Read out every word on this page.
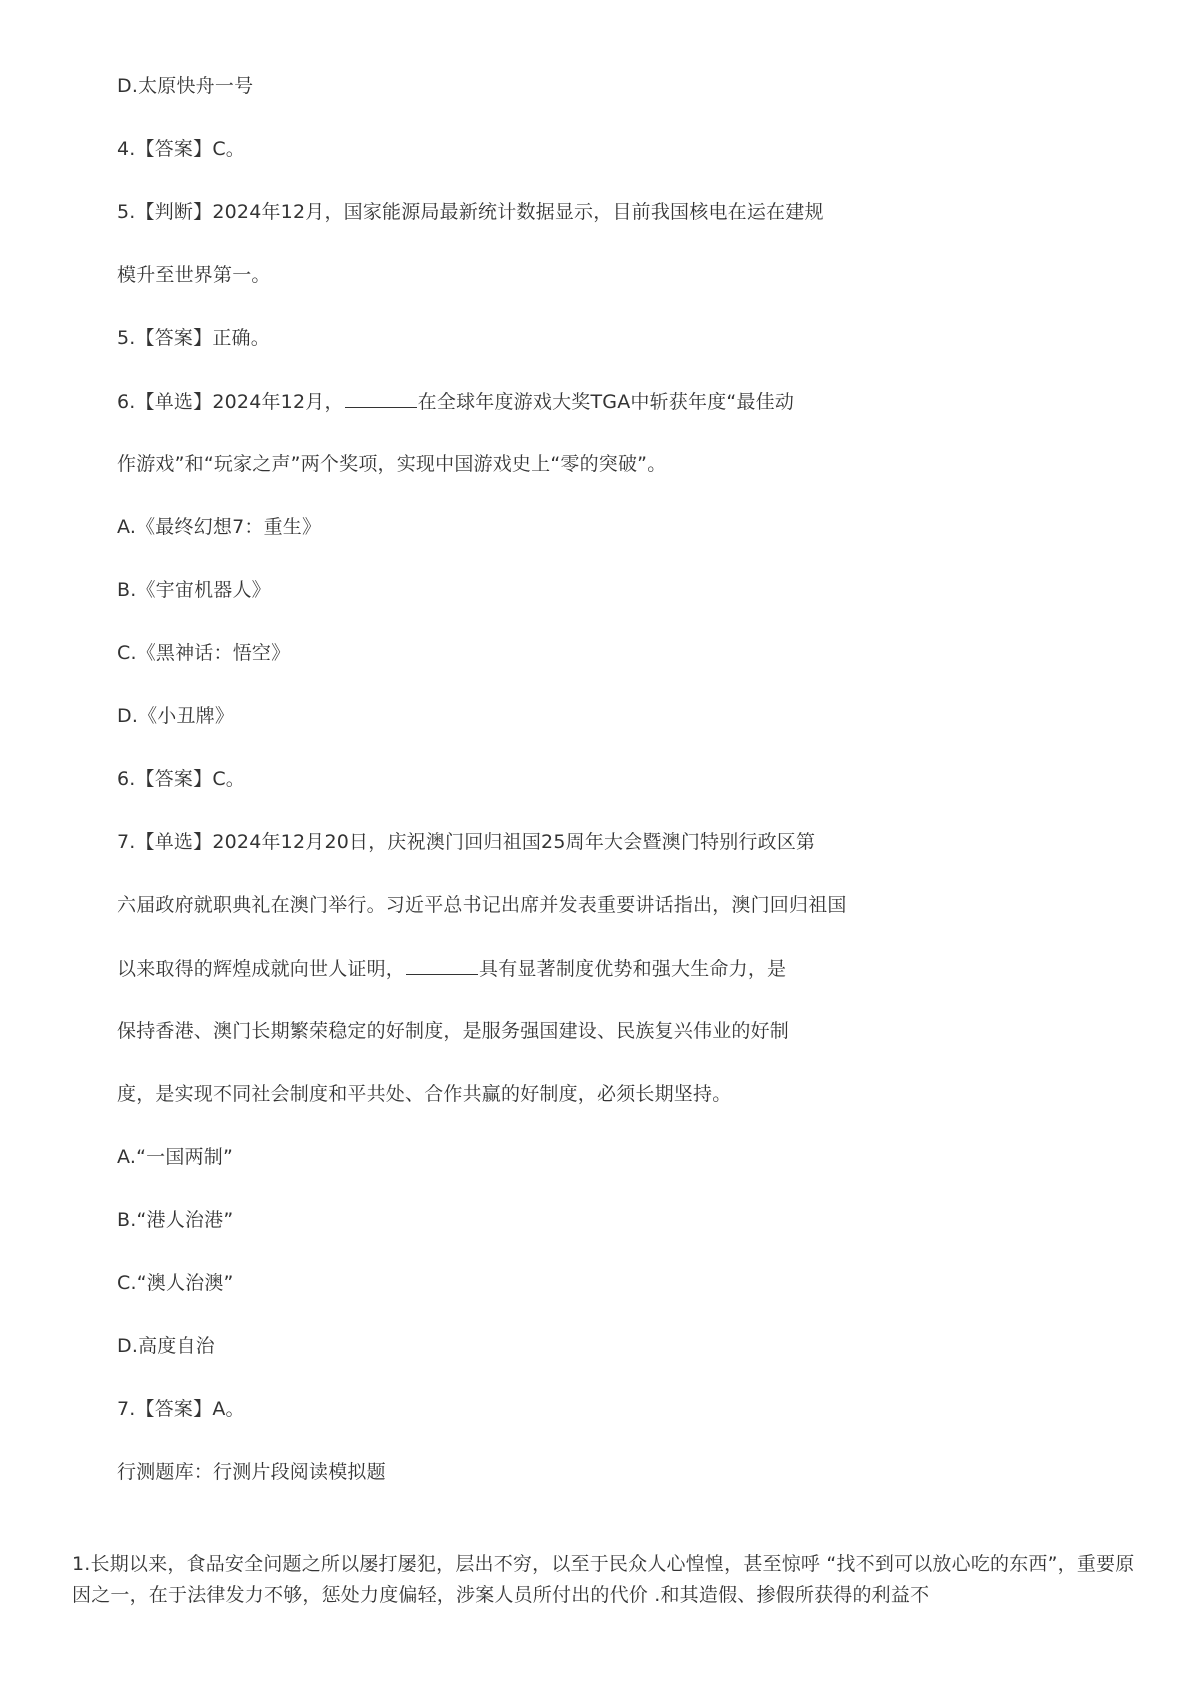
D.太原快舟一号
4.【答案】C。
5.【判断】2024年12月，国家能源局最新统计数据显示，目前我国核电在运在建规
模升至世界第一。
5.【答案】正确。
6.【单选】2024年12月，	在全球年度游戏大奖TGA中斩获年度“最佳动
作游戏”和“玩家之声”两个奖项，实现中国游戏史上“零的突破”。
A.《最终幻想7：重生》
B.《宇宙机器人》
C.《黑神话：悟空》
D.《小丑牌》
6.【答案】C。
7.【单选】2024年12月20日，庆祝澳门回归祖国25周年大会暨澳门特别行政区第
六届政府就职典礼在澳门举行。习近平总书记出席并发表重要讲话指出，澳门回归祖国
以来取得的辉煌成就向世人证明，	具有显著制度优势和强大生命力，是
保持香港、澳门长期繁荣稳定的好制度，是服务强国建设、民族复兴伟业的好制
度，是实现不同社会制度和平共处、合作共赢的好制度，必须长期坚持。
A.“一国两制”
B.“港人治港”
C.“澳人治澳”
D.高度自治
7.【答案】A。
行测题库：行测片段阅读模拟题
1.长期以来，食品安全问题之所以屡打屡犯，层出不穷，以至于民众人心惶惶，甚至惊呼 “找不到可以放心吃的东西”，重要原因之一，在于法律发力不够，惩处力度偏轻，涉案人员所付出的代价 .和其造假、掺假所获得的利益不
